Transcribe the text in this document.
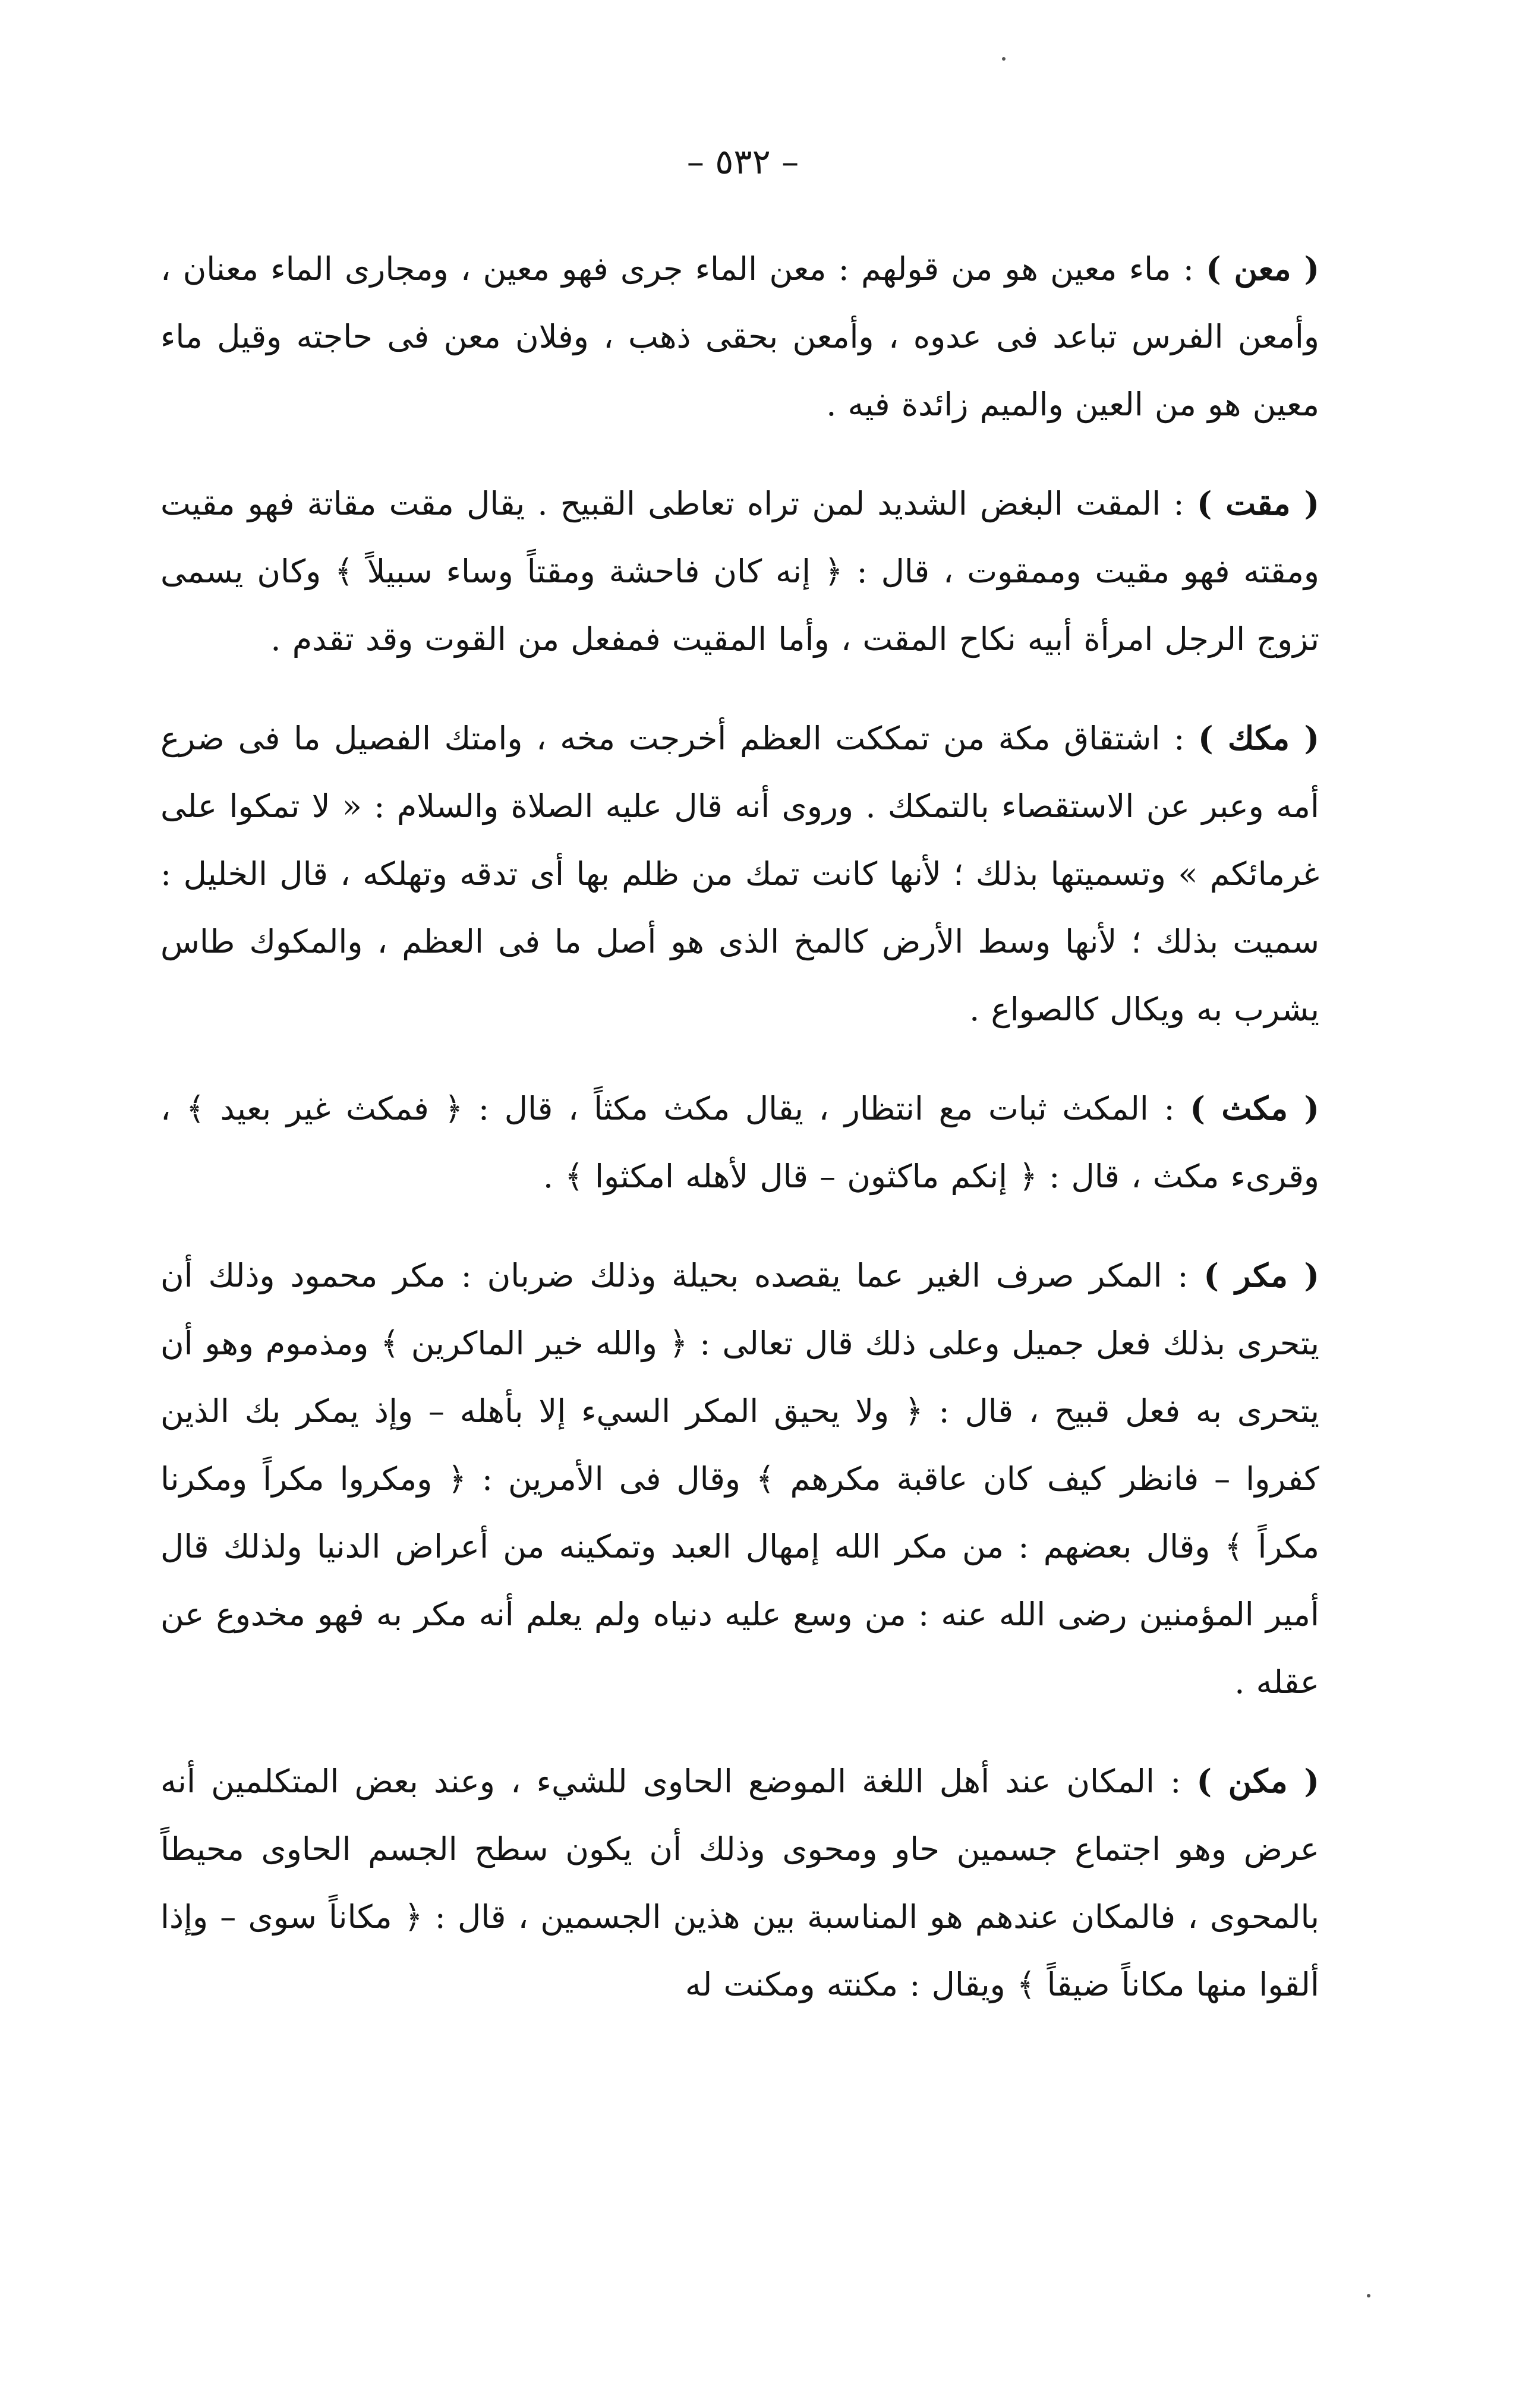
– ٥٣٢ –

( معن ) : ماء معين هو من قولهم : معن الماء جرى فهو معين ، ومجارى الماء معنان ، وأمعن الفرس تباعد فى عدوه ، وأمعن بحقى ذهب ، وفلان معن فى حاجته وقيل ماء معين هو من العين والميم زائدة فيه .

( مقت ) : المقت البغض الشديد لمن تراه تعاطى القبيح . يقال مقت مقاتة فهو مقيت ومقته فهو مقيت وممقوت ، قال : ﴿ إنه كان فاحشة ومقتاً وساء سبيلاً ﴾ وكان يسمى تزوج الرجل امرأة أبيه نكاح المقت ، وأما المقيت فمفعل من القوت وقد تقدم .

( مكك ) : اشتقاق مكة من تمككت العظم أخرجت مخه ، وامتك الفصيل ما فى ضرع أمه وعبر عن الاستقصاء بالتمكك . وروى أنه قال عليه الصلاة والسلام : « لا تمكوا على غرمائكم » وتسميتها بذلك ؛ لأنها كانت تمك من ظلم بها أى تدقه وتهلكه ، قال الخليل : سميت بذلك ؛ لأنها وسط الأرض كالمخ الذى هو أصل ما فى العظم ، والمكوك طاس يشرب به ويكال كالصواع .

( مكث ) : المكث ثبات مع انتظار ، يقال مكث مكثاً ، قال : ﴿ فمكث غير بعيد ﴾ ، وقرىء مكث ، قال : ﴿ إنكم ماكثون – قال لأهله امكثوا ﴾ .

( مكر ) : المكر صرف الغير عما يقصده بحيلة وذلك ضربان : مكر محمود وذلك أن يتحرى بذلك فعل جميل وعلى ذلك قال تعالى : ﴿ والله خير الماكرين ﴾ ومذموم وهو أن يتحرى به فعل قبيح ، قال : ﴿ ولا يحيق المكر السيء إلا بأهله – وإذ يمكر بك الذين كفروا – فانظر كيف كان عاقبة مكرهم ﴾ وقال فى الأمرين : ﴿ ومكروا مكراً ومكرنا مكراً ﴾ وقال بعضهم : من مكر الله إمهال العبد وتمكينه من أعراض الدنيا ولذلك قال أمير المؤمنين رضى الله عنه : من وسع عليه دنياه ولم يعلم أنه مكر به فهو مخدوع عن عقله .

( مكن ) : المكان عند أهل اللغة الموضع الحاوى للشيء ، وعند بعض المتكلمين أنه عرض وهو اجتماع جسمين حاو ومحوى وذلك أن يكون سطح الجسم الحاوى محيطاً بالمحوى ، فالمكان عندهم هو المناسبة بين هذين الجسمين ، قال : ﴿ مكاناً سوى – وإذا ألقوا منها مكاناً ضيقاً ﴾ ويقال : مكنته ومكنت له
